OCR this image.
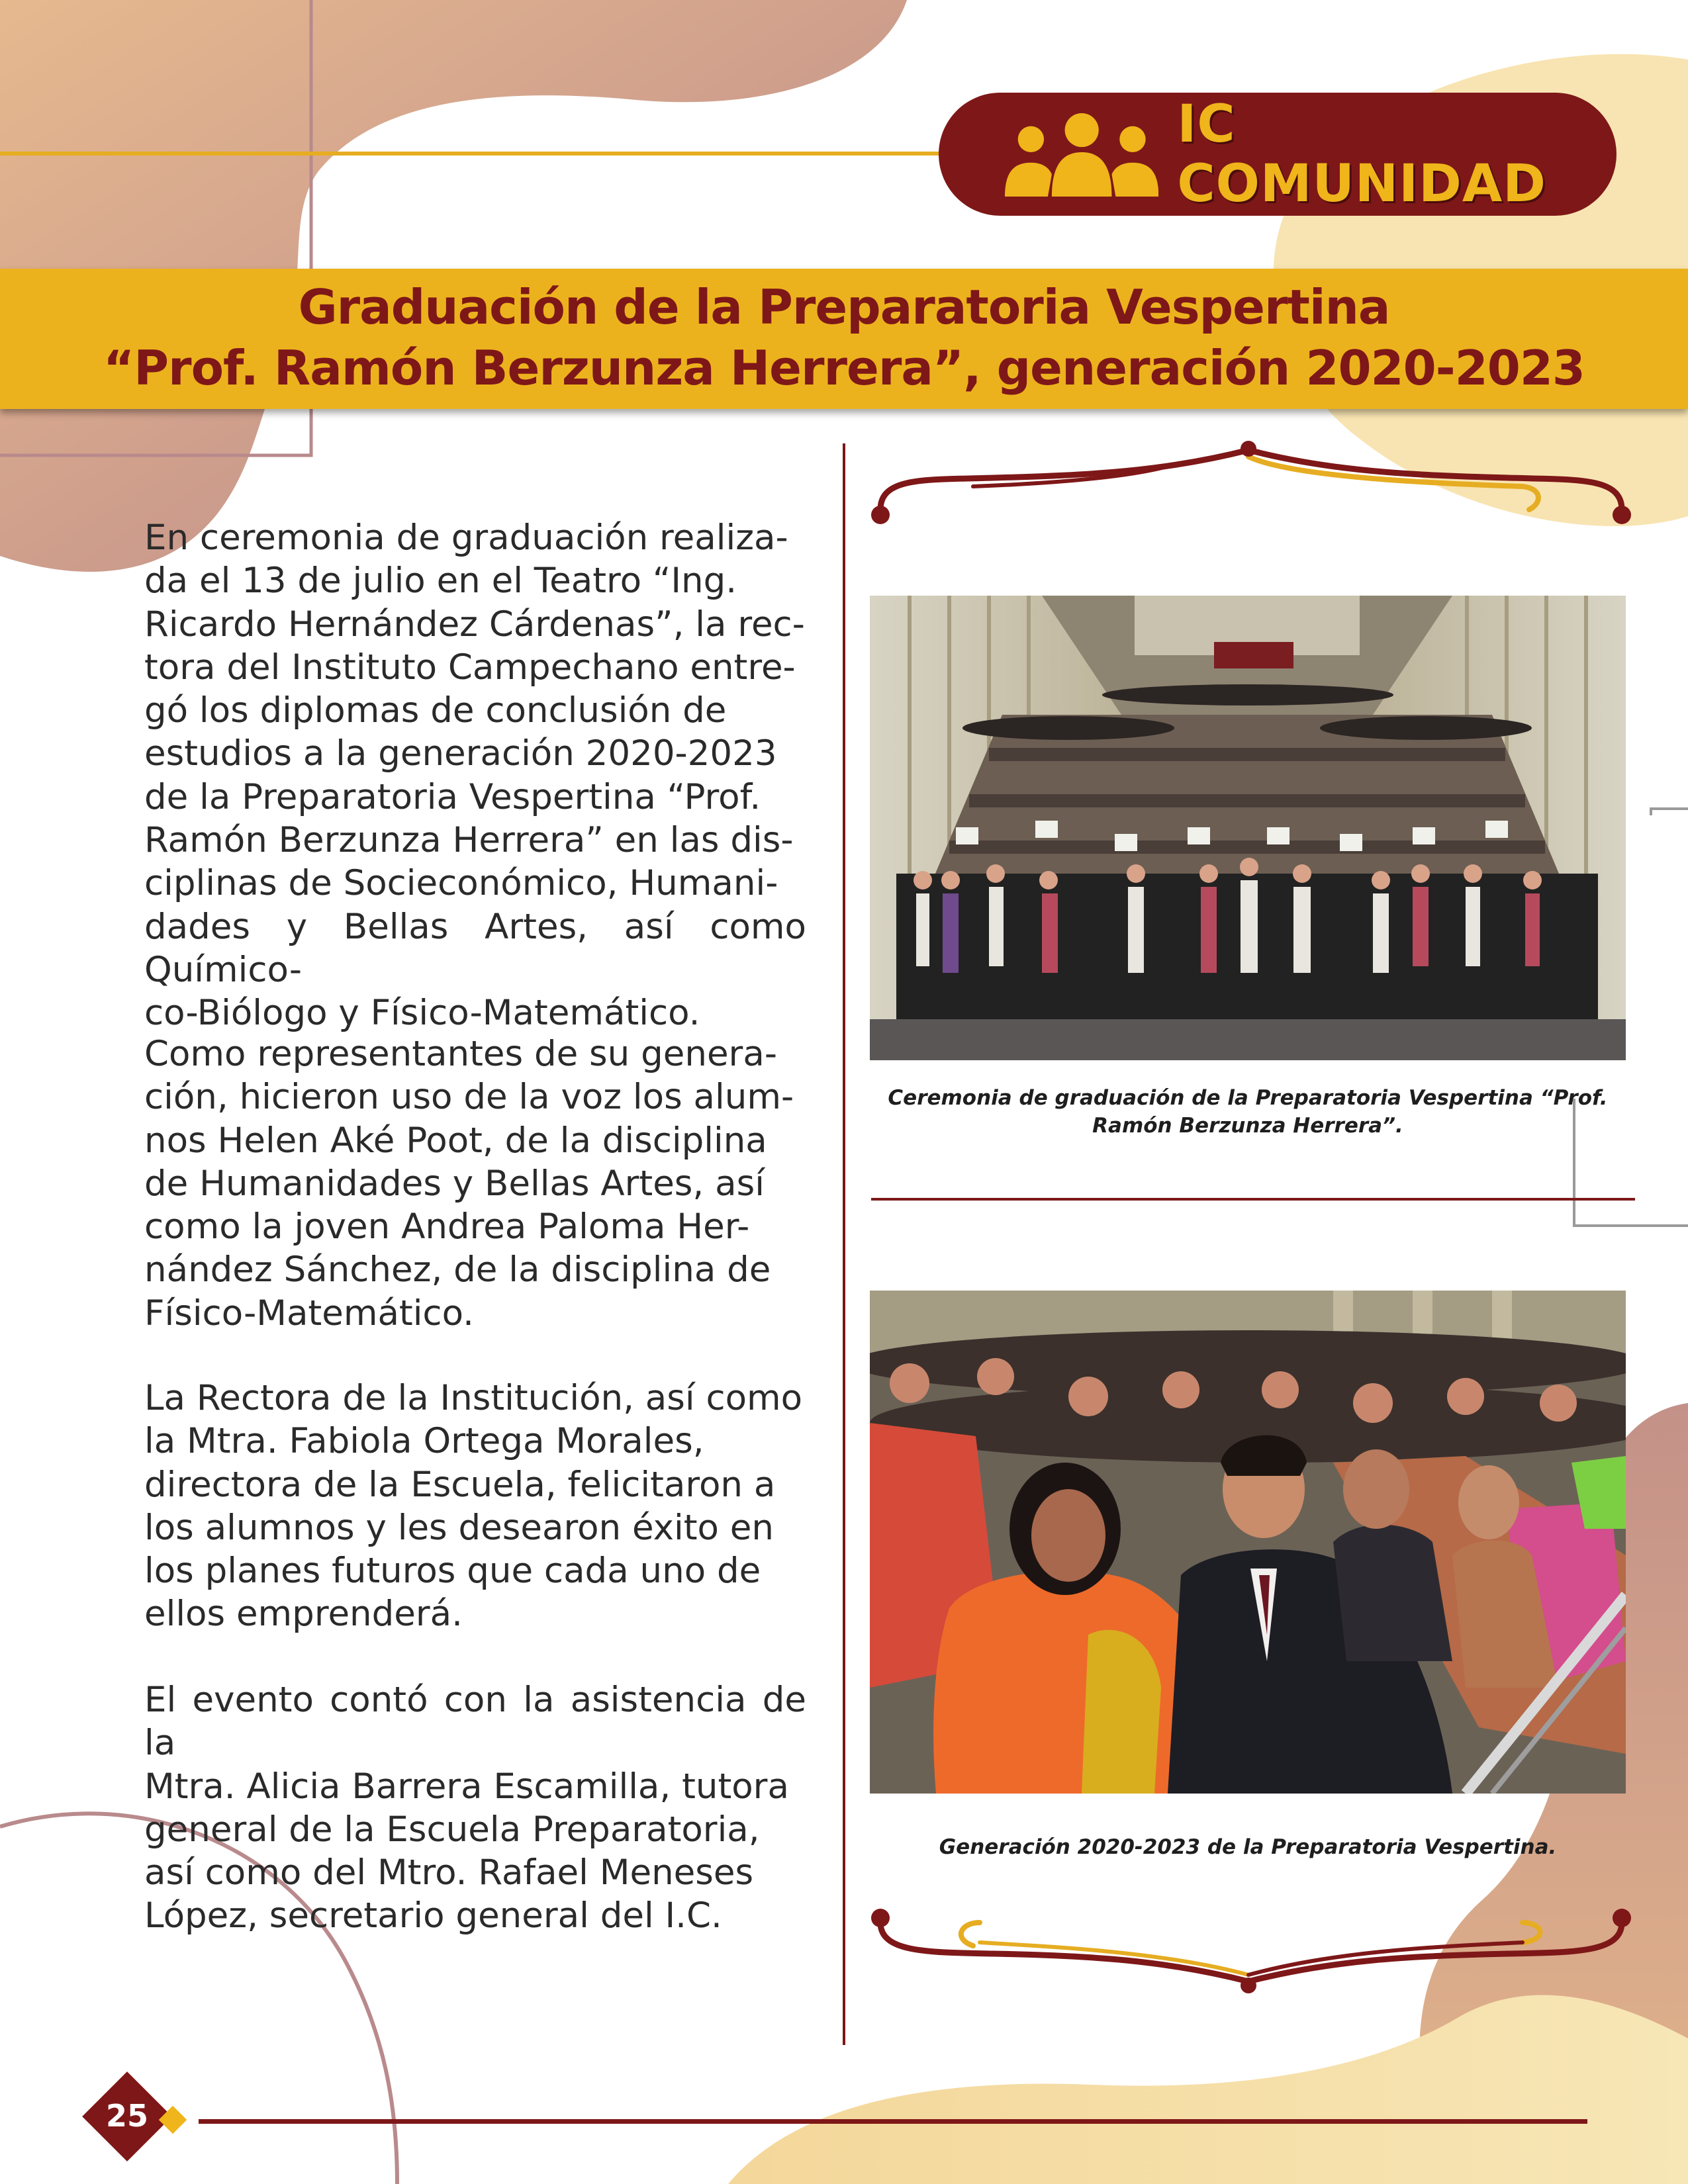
IC COMUNIDAD
Graduación de la Preparatoria Vespertina
“Prof. Ramón Berzunza Herrera”, generación 2020-2023
En ceremonia de graduación realiza-
da el 13 de julio en el Teatro “Ing.
Ricardo Hernández Cárdenas”, la rec-
tora del Instituto Campechano entre-
gó los diplomas de conclusión de
estudios a la generación 2020-2023
de la Preparatoria Vespertina “Prof.
Ramón Berzunza Herrera” en las dis-
ciplinas de Socieconómico, Humani-
dades y Bellas Artes, así como Químico-
co-Biólogo y Físico-Matemático.
Como representantes de su genera-
ción, hicieron uso de la voz los alum-
nos Helen Aké Poot, de la disciplina
de Humanidades y Bellas Artes, así
como la joven Andrea Paloma Her-
nández Sánchez, de la disciplina de
Físico-Matemático.
La Rectora de la Institución, así como
la Mtra. Fabiola Ortega Morales,
directora de la Escuela, felicitaron a
los alumnos y les desearon éxito en
los planes futuros que cada uno de
ellos emprenderá.
El evento contó con la asistencia de la
Mtra. Alicia Barrera Escamilla, tutora
general de la Escuela Preparatoria,
así como del Mtro. Rafael Meneses
López, secretario general del I.C.
Ceremonia de graduación de la Preparatoria Vespertina “Prof.
Ramón Berzunza Herrera”.
Generación 2020-2023 de la Preparatoria Vespertina.
25
